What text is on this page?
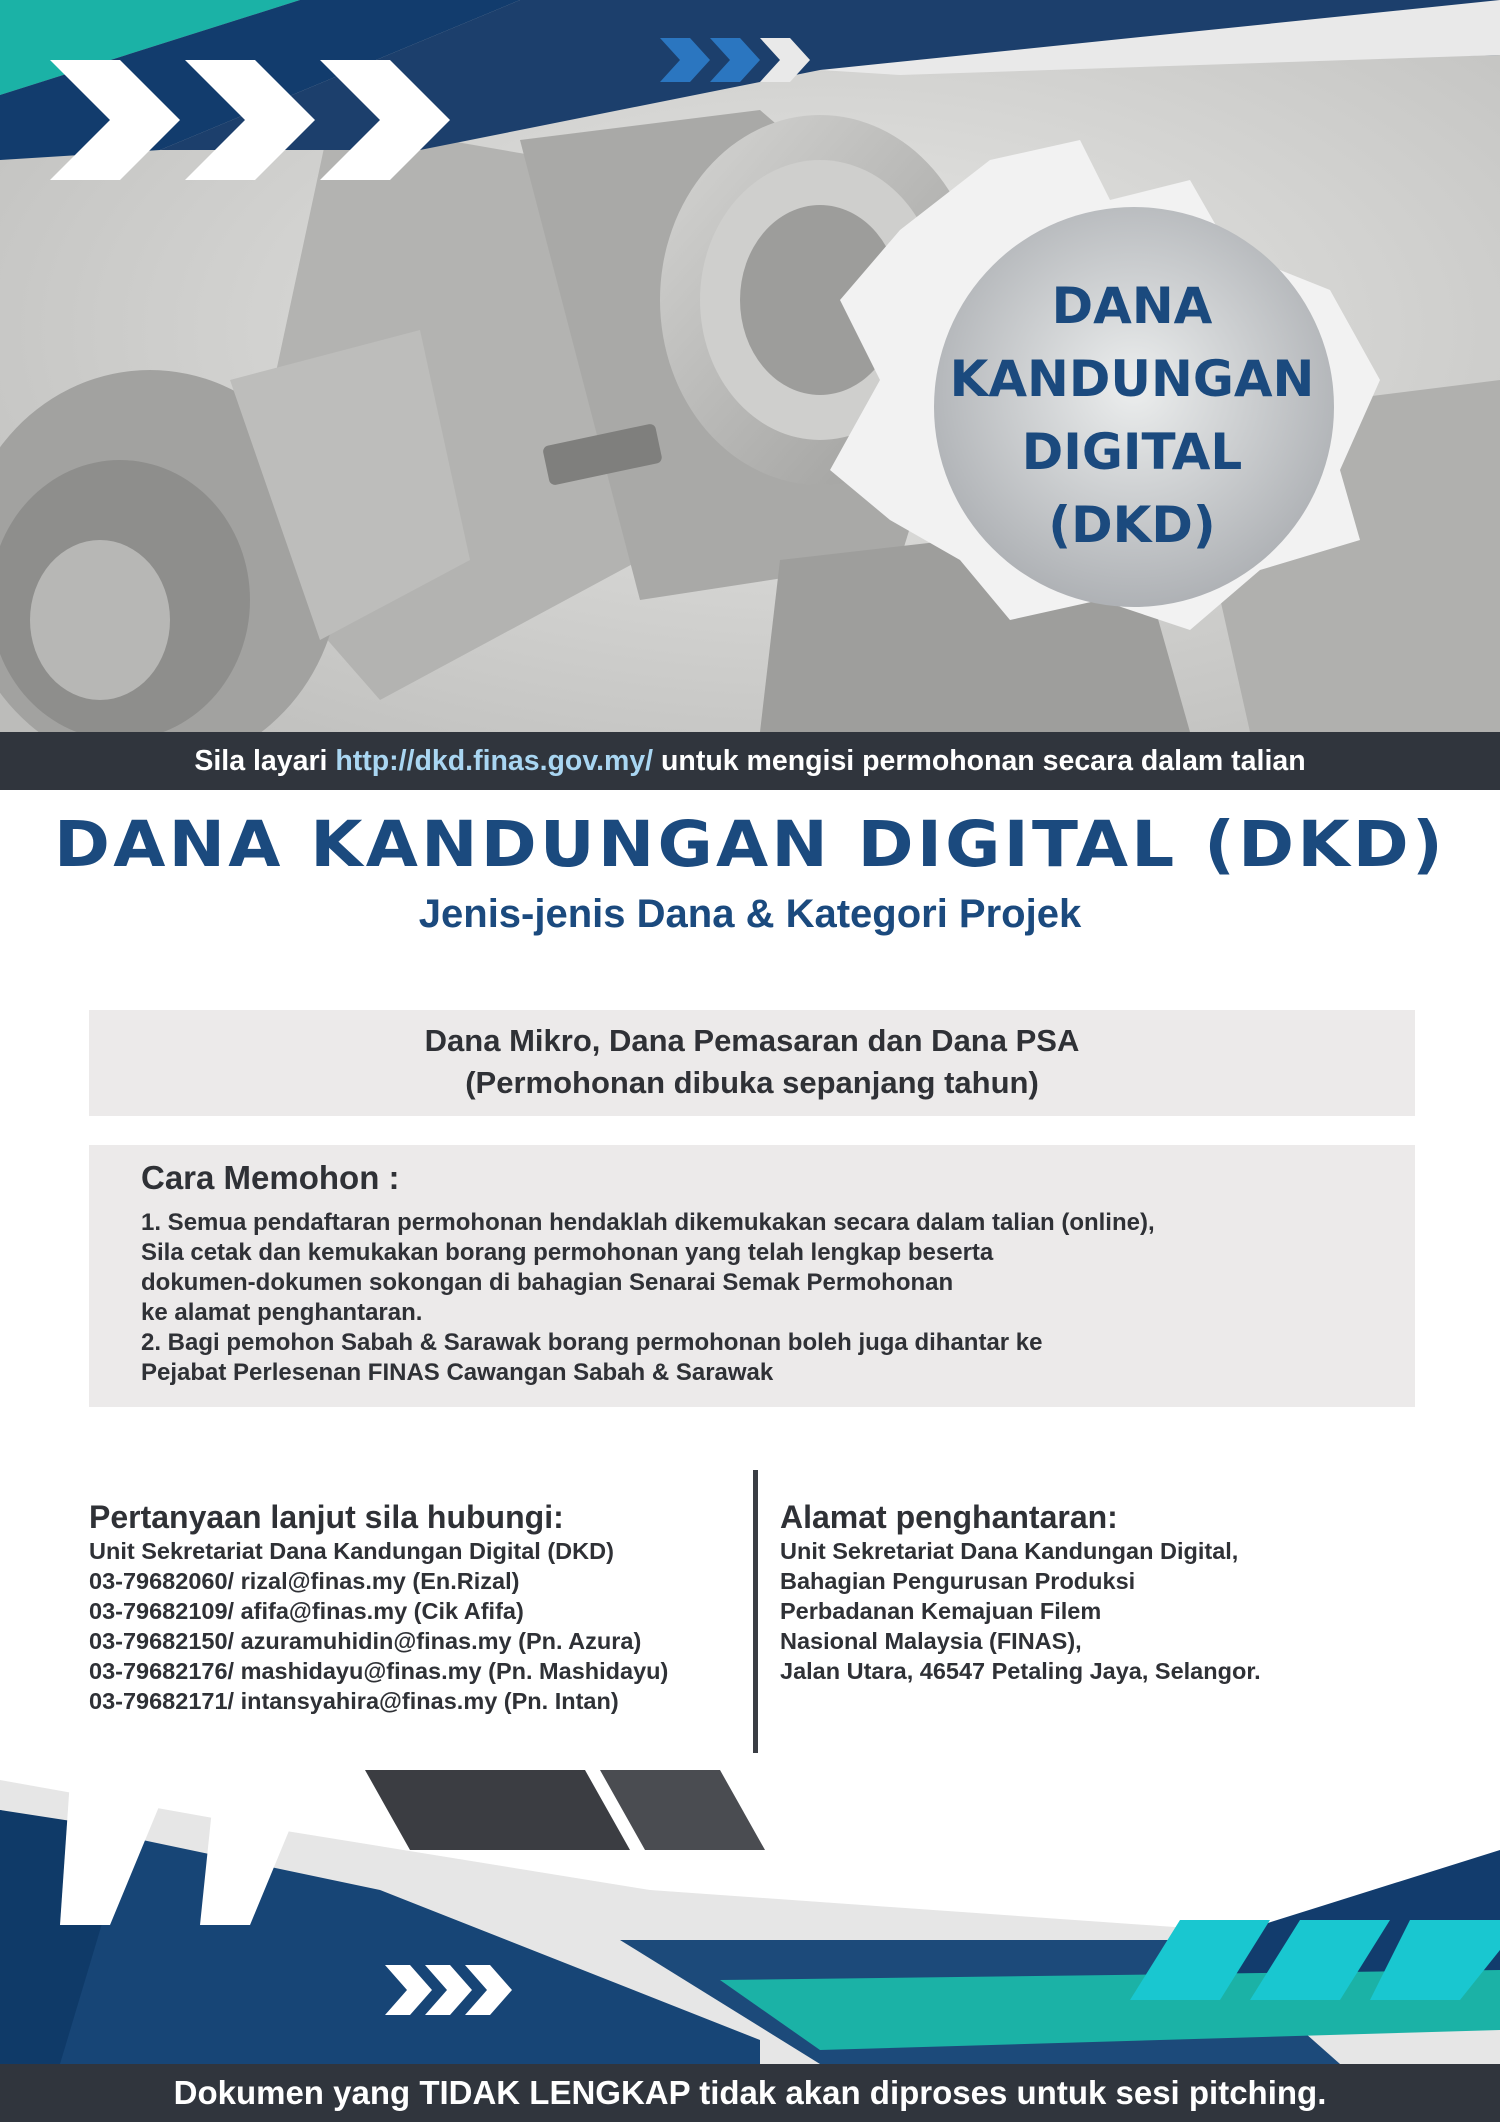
DANA
KANDUNGAN
DIGITAL
(DKD)
Sila layari http://dkd.finas.gov.my/ untuk mengisi permohonan secara dalam talian
DANA KANDUNGAN DIGITAL (DKD)
Jenis-jenis Dana & Kategori Projek
Dana Mikro, Dana Pemasaran dan Dana PSA
(Permohonan dibuka sepanjang tahun)
Cara Memohon :
1. Semua pendaftaran permohonan hendaklah dikemukakan secara dalam talian (online),
Sila cetak dan kemukakan borang permohonan yang telah lengkap beserta
dokumen-dokumen sokongan di bahagian Senarai Semak Permohonan
ke alamat penghantaran.
2. Bagi pemohon Sabah & Sarawak borang permohonan boleh juga dihantar ke
Pejabat Perlesenan FINAS Cawangan Sabah & Sarawak
Pertanyaan lanjut sila hubungi:
Unit Sekretariat Dana Kandungan Digital (DKD)
03-79682060/ rizal@finas.my (En.Rizal)
03-79682109/ afifa@finas.my (Cik Afifa)
03-79682150/ azuramuhidin@finas.my (Pn. Azura)
03-79682176/ mashidayu@finas.my (Pn. Mashidayu)
03-79682171/ intansyahira@finas.my (Pn. Intan)
Alamat penghantaran:
Unit Sekretariat Dana Kandungan Digital,
Bahagian Pengurusan Produksi
Perbadanan Kemajuan Filem
Nasional Malaysia (FINAS),
Jalan Utara, 46547 Petaling Jaya, Selangor.
Dokumen yang TIDAK LENGKAP tidak akan diproses untuk sesi pitching.
